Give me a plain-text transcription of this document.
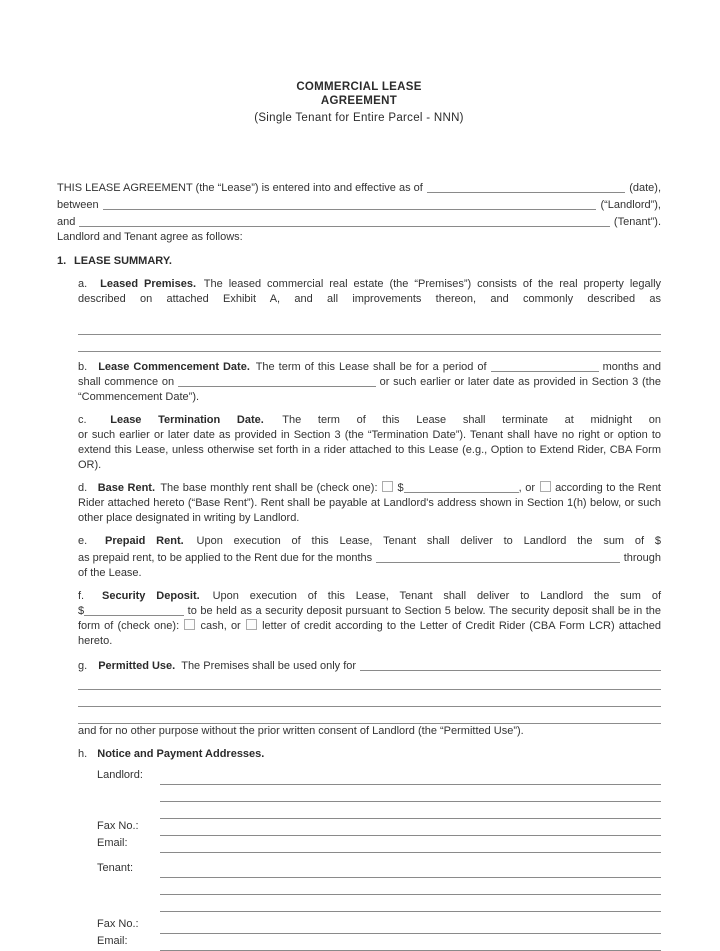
COMMERCIAL LEASE
AGREEMENT
(Single Tenant for Entire Parcel - NNN)
THIS LEASE AGREEMENT (the “Lease”) is entered into and effective as of	(date),
between	(“Landlord”),
and	(Tenant”).
Landlord and Tenant agree as follows:
1. LEASE SUMMARY.

a. Leased Premises. The leased commercial real estate (the “Premises”) consists of the real property legally described on attached Exhibit A, and all improvements thereon, and commonly described as

b. Lease Commencement Date. The term of this Lease shall be for a period of	months and shall commence on	or such earlier or later date as provided in Section 3 (the “Commencement Date”).

c. Lease Termination Date. The term of this Lease shall terminate at midnight on

or such earlier or later date as provided in Section 3 (the “Termination Date”). Tenant shall have no right or option to extend this Lease, unless otherwise set forth in a rider attached to this Lease (e.g., Option to Extend Rider, CBA Form OR).

d. Base Rent. The base monthly rent shall be (check one): $	, or according to the Rent Rider attached hereto (“Base Rent”). Rent shall be payable at Landlord's address shown in Section 1(h) below, or such other place designated in writing by Landlord.

e. Prepaid Rent. Upon execution of this Lease, Tenant shall deliver to Landlord the sum of $

as prepaid rent, to be applied to the Rent due for the months	through

of the Lease.

f. Security Deposit. Upon execution of this Lease, Tenant shall deliver to Landlord the sum of

$	to be held as a security deposit pursuant to Section 5 below. The security deposit shall be in the form of (check one): cash, or letter of credit according to the Letter of Credit Rider (CBA Form LCR) attached hereto.

g. Permitted Use. The Premises shall be used only for

and for no other purpose without the prior written consent of Landlord (the “Permitted Use”).

h. Notice and Payment Addresses.

Landlord:
Fax No.:
Email:
Tenant:
Fax No.:
Email:
